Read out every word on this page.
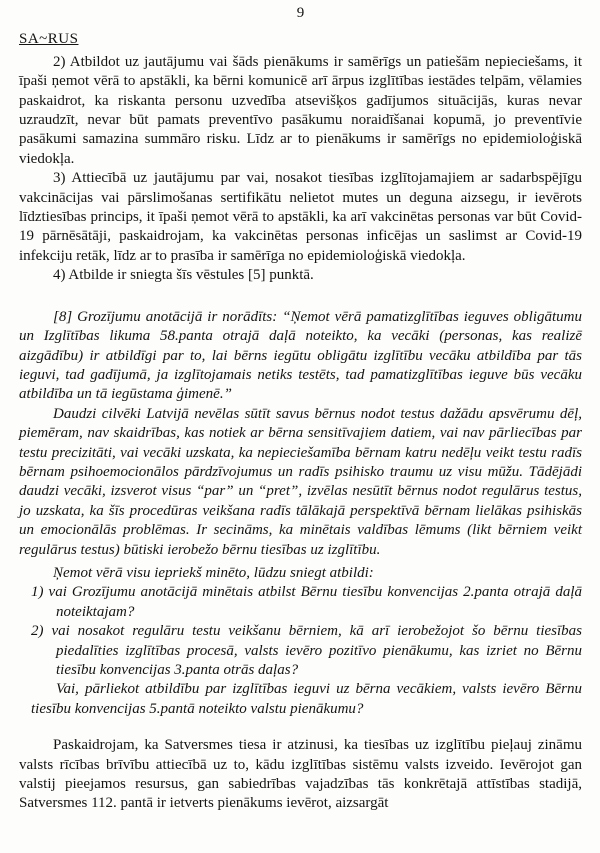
9
SA~RUS

2) Atbildot uz jautājumu vai šāds pienākums ir samērīgs un patiešām nepieciešams, it īpaši ņemot vērā to apstākli, ka bērni komunicē arī ārpus izglītības iestādes telpām, vēlamies paskaidrot, ka riskanta personu uzvedība atsevišķos gadījumos situācijās, kuras nevar uzraudzīt, nevar būt pamats preventīvo pasākumu noraidīšanai kopumā, jo preventīvie pasākumi samazina summāro risku. Līdz ar to pienākums ir samērīgs no epidemioloģiskā viedokļa.

3) Attiecībā uz jautājumu par vai, nosakot tiesības izglītojamajiem ar sadarbspējīgu vakcinācijas vai pārslimošanas sertifikātu nelietot mutes un deguna aizsegu, ir ievērots līdztiesības princips, it īpaši ņemot vērā to apstākli, ka arī vakcinētas personas var būt Covid-19 pārnēsātāji, paskaidrojam, ka vakcinētas personas inficējas un saslimst ar Covid-19 infekciju retāk, līdz ar to prasība ir samērīga no epidemioloģiskā viedokļa.

4) Atbilde ir sniegta šīs vēstules [5] punktā.

[8] Grozījumu anotācijā ir norādīts: “Ņemot vērā pamatizglītības ieguves obligātumu un Izglītības likuma 58.panta otrajā daļā noteikto, ka vecāki (personas, kas realizē aizgādību) ir atbildīgi par to, lai bērns iegūtu obligātu izglītību vecāku atbildība par tās ieguvi, tad gadījumā, ja izglītojamais netiks testēts, tad pamatizglītības ieguve būs vecāku atbildība un tā iegūstama ģimenē.”

Daudzi cilvēki Latvijā nevēlas sūtīt savus bērnus nodot testus dažādu apsvērumu dēļ, piemēram, nav skaidrības, kas notiek ar bērna sensitīvajiem datiem, vai nav pārliecības par testu precizitāti, vai vecāki uzskata, ka nepieciešamība bērnam katru nedēļu veikt testu radīs bērnam psihoemocionālos pārdzīvojumus un radīs psihisko traumu uz visu mūžu. Tādējādi daudzi vecāki, izsverot visus “par” un “pret”, izvēlas nesūtīt bērnus nodot regulārus testus, jo uzskata, ka šīs procedūras veikšana radīs tālākajā perspektīvā bērnam lielākas psihiskās un emocionālās problēmas. Ir secināms, ka minētais valdības lēmums (likt bērniem veikt regulārus testus) būtiski ierobežo bērnu tiesības uz izglītību.

Ņemot vērā visu iepriekš minēto, lūdzu sniegt atbildi:

1) vai Grozījumu anotācijā minētais atbilst Bērnu tiesību konvencijas 2.panta otrajā daļā noteiktajam?

2) vai nosakot regulāru testu veikšanu bērniem, kā arī ierobežojot šo bērnu tiesības piedalīties izglītības procesā, valsts ievēro pozitīvo pienākumu, kas izriet no Bērnu tiesību konvencijas 3.panta otrās daļas?

Vai, pārliekot atbildību par izglītības ieguvi uz bērna vecākiem, valsts ievēro Bērnu tiesību konvencijas 5.pantā noteikto valstu pienākumu?

Paskaidrojam, ka Satversmes tiesa ir atzinusi, ka tiesības uz izglītību pieļauj zināmu valsts rīcības brīvību attiecībā uz to, kādu izglītības sistēmu valsts izveido. Ievērojot gan valstij pieejamos resursus, gan sabiedrības vajadzības tās konkrētajā attīstības stadijā, Satversmes 112. pantā ir ietverts pienākums ievērot, aizsargāt
